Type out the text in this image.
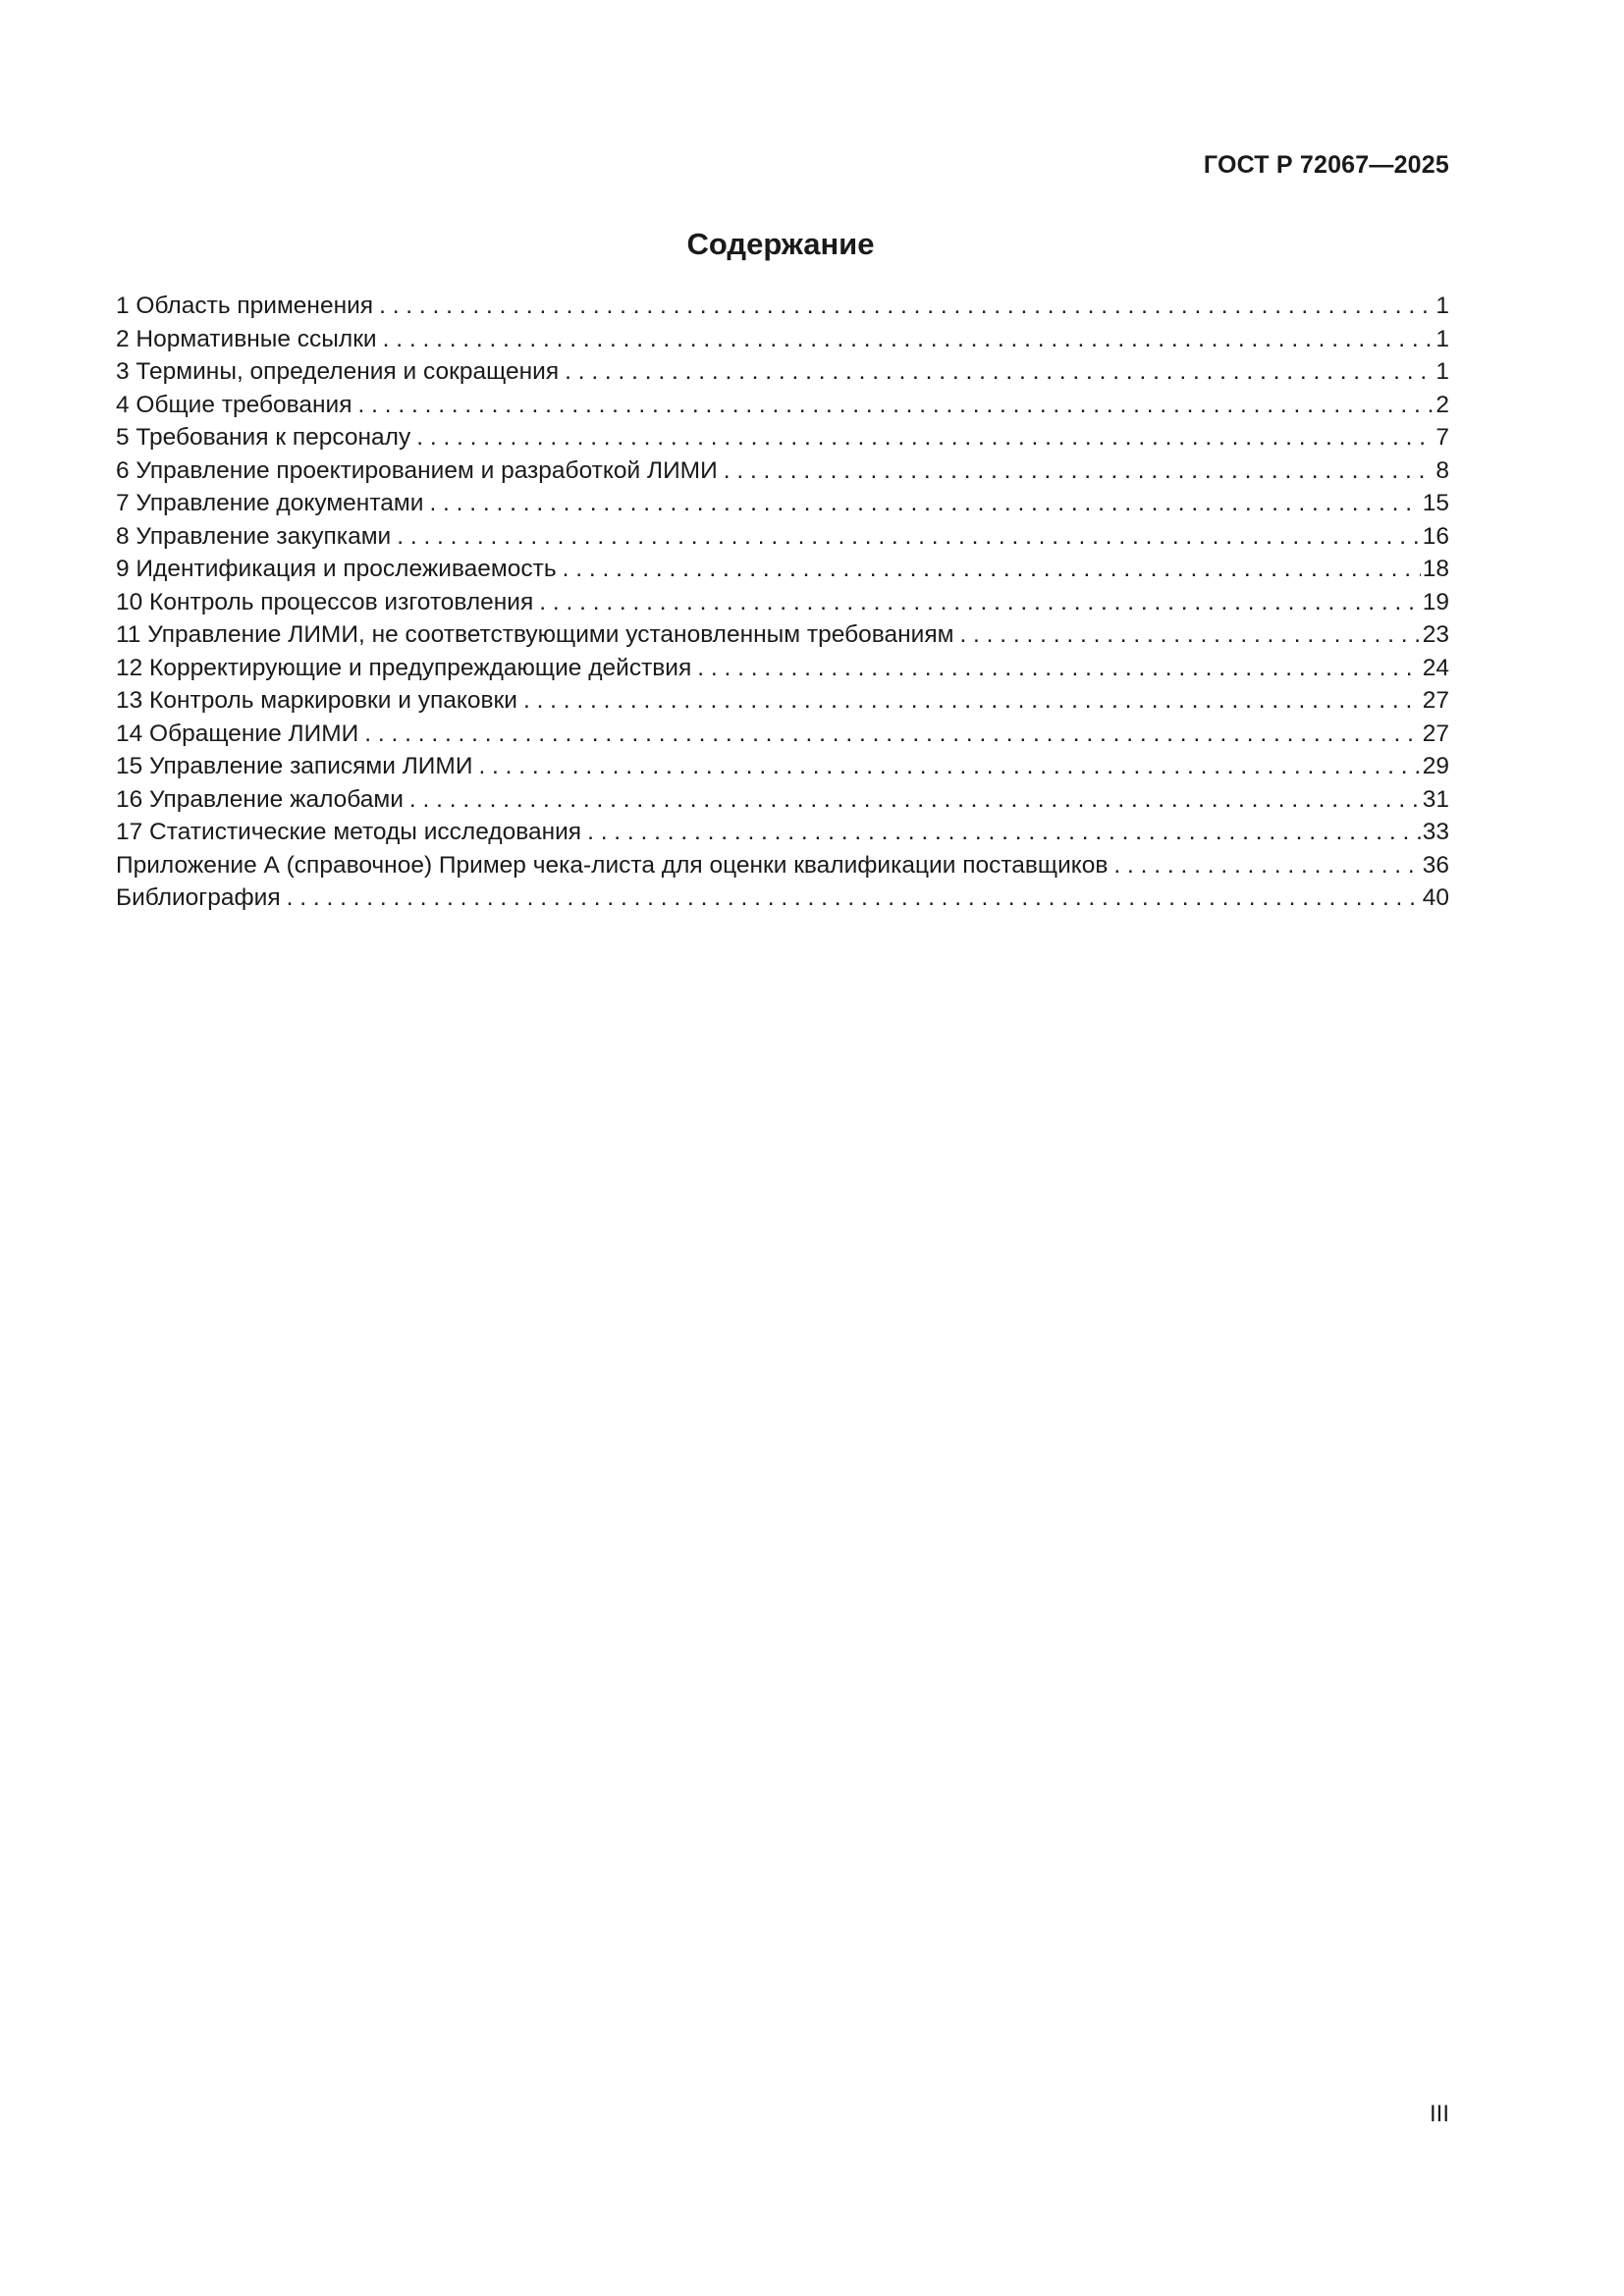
ГОСТ Р 72067—2025
Содержание
1 Область применения . . .	1
2 Нормативные ссылки . . .	1
3 Термины, определения и сокращения . . .	1
4 Общие требования . . .	2
5 Требования к персоналу . . .	7
6 Управление проектированием и разработкой ЛИМИ . . .	8
7 Управление документами . . .	15
8 Управление закупками . . .	16
9 Идентификация и прослеживаемость . . .	18
10 Контроль процессов изготовления . . .	19
11 Управление ЛИМИ, не соответствующими установленным требованиям . . .	23
12 Корректирующие и предупреждающие действия . . .	24
13 Контроль маркировки и упаковки . . .	27
14 Обращение ЛИМИ . . .	27
15 Управление записями ЛИМИ . . .	29
16 Управление жалобами . . .	31
17 Статистические методы исследования . . .	33
Приложение А (справочное) Пример чека-листа для оценки квалификации поставщиков . . .	36
Библиография . . .	40
III
